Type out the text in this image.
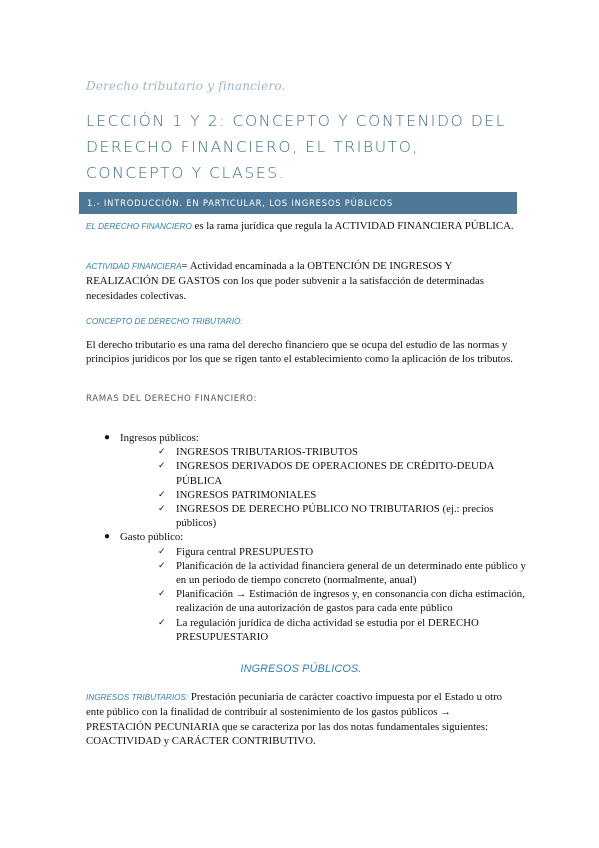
Derecho tributario y financiero.
LECCIÓN 1 Y 2: CONCEPTO Y CONTENIDO DEL DERECHO FINANCIERO, EL TRIBUTO, CONCEPTO Y CLASES.
1.- INTRODUCCIÓN. EN PARTICULAR, LOS INGRESOS PÚBLICOS
EL DERECHO FINANCIERO es la rama jurídica que regula la ACTIVIDAD FINANCIERA PÚBLICA.
ACTIVIDAD FINANCIERA= Actividad encaminada a la OBTENCIÓN DE INGRESOS Y REALIZACIÓN DE GASTOS con los que poder subvenir a la satisfacción de determinadas necesidades colectivas.
CONCEPTO DE DERECHO TRIBUTARIO:
El derecho tributario es una rama del derecho financiero que se ocupa del estudio de las normas y principios jurídicos por los que se rigen tanto el establecimiento como la aplicación de los tributos.
RAMAS DEL DERECHO FINANCIERO:
● Ingresos públicos:
✓ INGRESOS TRIBUTARIOS-TRIBUTOS
✓ INGRESOS DERIVADOS DE OPERACIONES DE CRÉDITO-DEUDA PÚBLICA
✓ INGRESOS PATRIMONIALES
✓ INGRESOS DE DERECHO PÚBLICO NO TRIBUTARIOS (ej.: precios públicos)
● Gasto público:
✓ Figura central PRESUPUESTO
✓ Planificación de la actividad financiera general de un determinado ente público y en un periodo de tiempo concreto (normalmente, anual)
✓ Planificación → Estimación de ingresos y, en consonancia con dicha estimación, realización de una autorización de gastos para cada ente público
✓ La regulación jurídica de dicha actividad se estudia por el DERECHO PRESUPUESTARIO
INGRESOS PÚBLICOS.
INGRESOS TRIBUTARIOS: Prestación pecuniaria de carácter coactivo impuesta por el Estado u otro ente público con la finalidad de contribuir al sostenimiento de los gastos públicos → PRESTACIÓN PECUNIARIA que se caracteriza por las dos notas fundamentales siguientes: COACTIVIDAD y CARÁCTER CONTRIBUTIVO.
